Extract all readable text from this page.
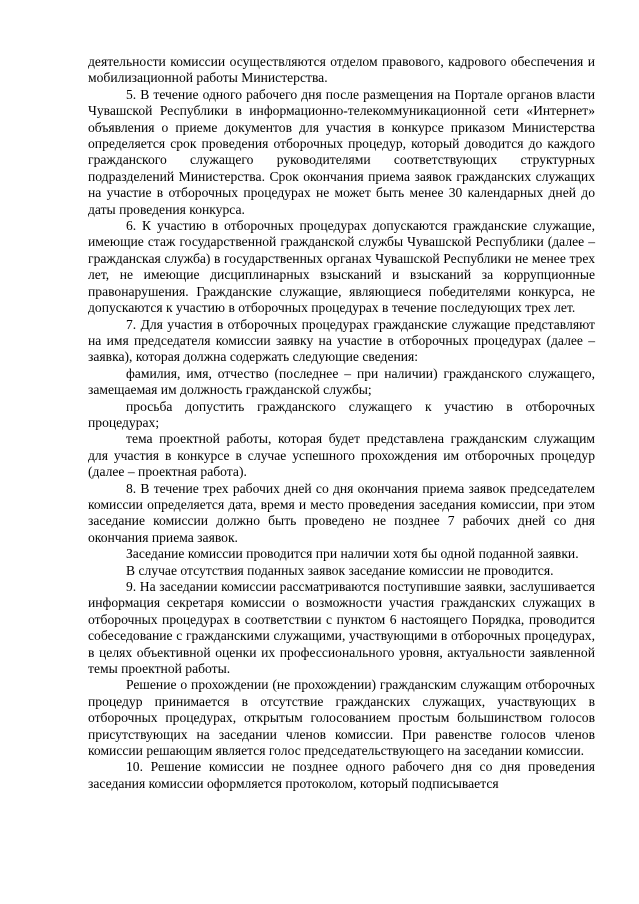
деятельности комиссии осуществляются отделом правового, кадрового обеспечения и мобилизационной работы Министерства.

5. В течение одного рабочего дня после размещения на Портале органов власти Чувашской Республики в информационно-телекоммуникационной сети «Интернет» объявления о приеме документов для участия в конкурсе приказом Министерства определяется срок проведения отборочных процедур, который доводится до каждого гражданского служащего руководителями соответствующих структурных подразделений Министерства. Срок окончания приема заявок гражданских служащих на участие в отборочных процедурах не может быть менее 30 календарных дней до даты проведения конкурса.

6. К участию в отборочных процедурах допускаются гражданские служащие, имеющие стаж государственной гражданской службы Чувашской Республики (далее – гражданская служба) в государственных органах Чувашской Республики не менее трех лет, не имеющие дисциплинарных взысканий и взысканий за коррупционные правонарушения. Гражданские служащие, являющиеся победителями конкурса, не допускаются к участию в отборочных процедурах в течение последующих трех лет.

7. Для участия в отборочных процедурах гражданские служащие представляют на имя председателя комиссии заявку на участие в отборочных процедурах (далее – заявка), которая должна содержать следующие сведения:

фамилия, имя, отчество (последнее – при наличии) гражданского служащего, замещаемая им должность гражданской службы;

просьба допустить гражданского служащего к участию в отборочных процедурах;

тема проектной работы, которая будет представлена гражданским служащим для участия в конкурсе в случае успешного прохождения им отборочных процедур (далее – проектная работа).

8. В течение трех рабочих дней со дня окончания приема заявок председателем комиссии определяется дата, время и место проведения заседания комиссии, при этом заседание комиссии должно быть проведено не позднее 7 рабочих дней со дня окончания приема заявок.

Заседание комиссии проводится при наличии хотя бы одной поданной заявки.

В случае отсутствия поданных заявок заседание комиссии не проводится.

9. На заседании комиссии рассматриваются поступившие заявки, заслушивается информация секретаря комиссии о возможности участия гражданских служащих в отборочных процедурах в соответствии с пунктом 6 настоящего Порядка, проводится собеседование с гражданскими служащими, участвующими в отборочных процедурах, в целях объективной оценки их профессионального уровня, актуальности заявленной темы проектной работы.

Решение о прохождении (не прохождении) гражданским служащим отборочных процедур принимается в отсутствие гражданских служащих, участвующих в отборочных процедурах, открытым голосованием простым большинством голосов присутствующих на заседании членов комиссии. При равенстве голосов членов комиссии решающим является голос председательствующего на заседании комиссии.

10. Решение комиссии не позднее одного рабочего дня со дня проведения заседания комиссии оформляется протоколом, который подписывается
